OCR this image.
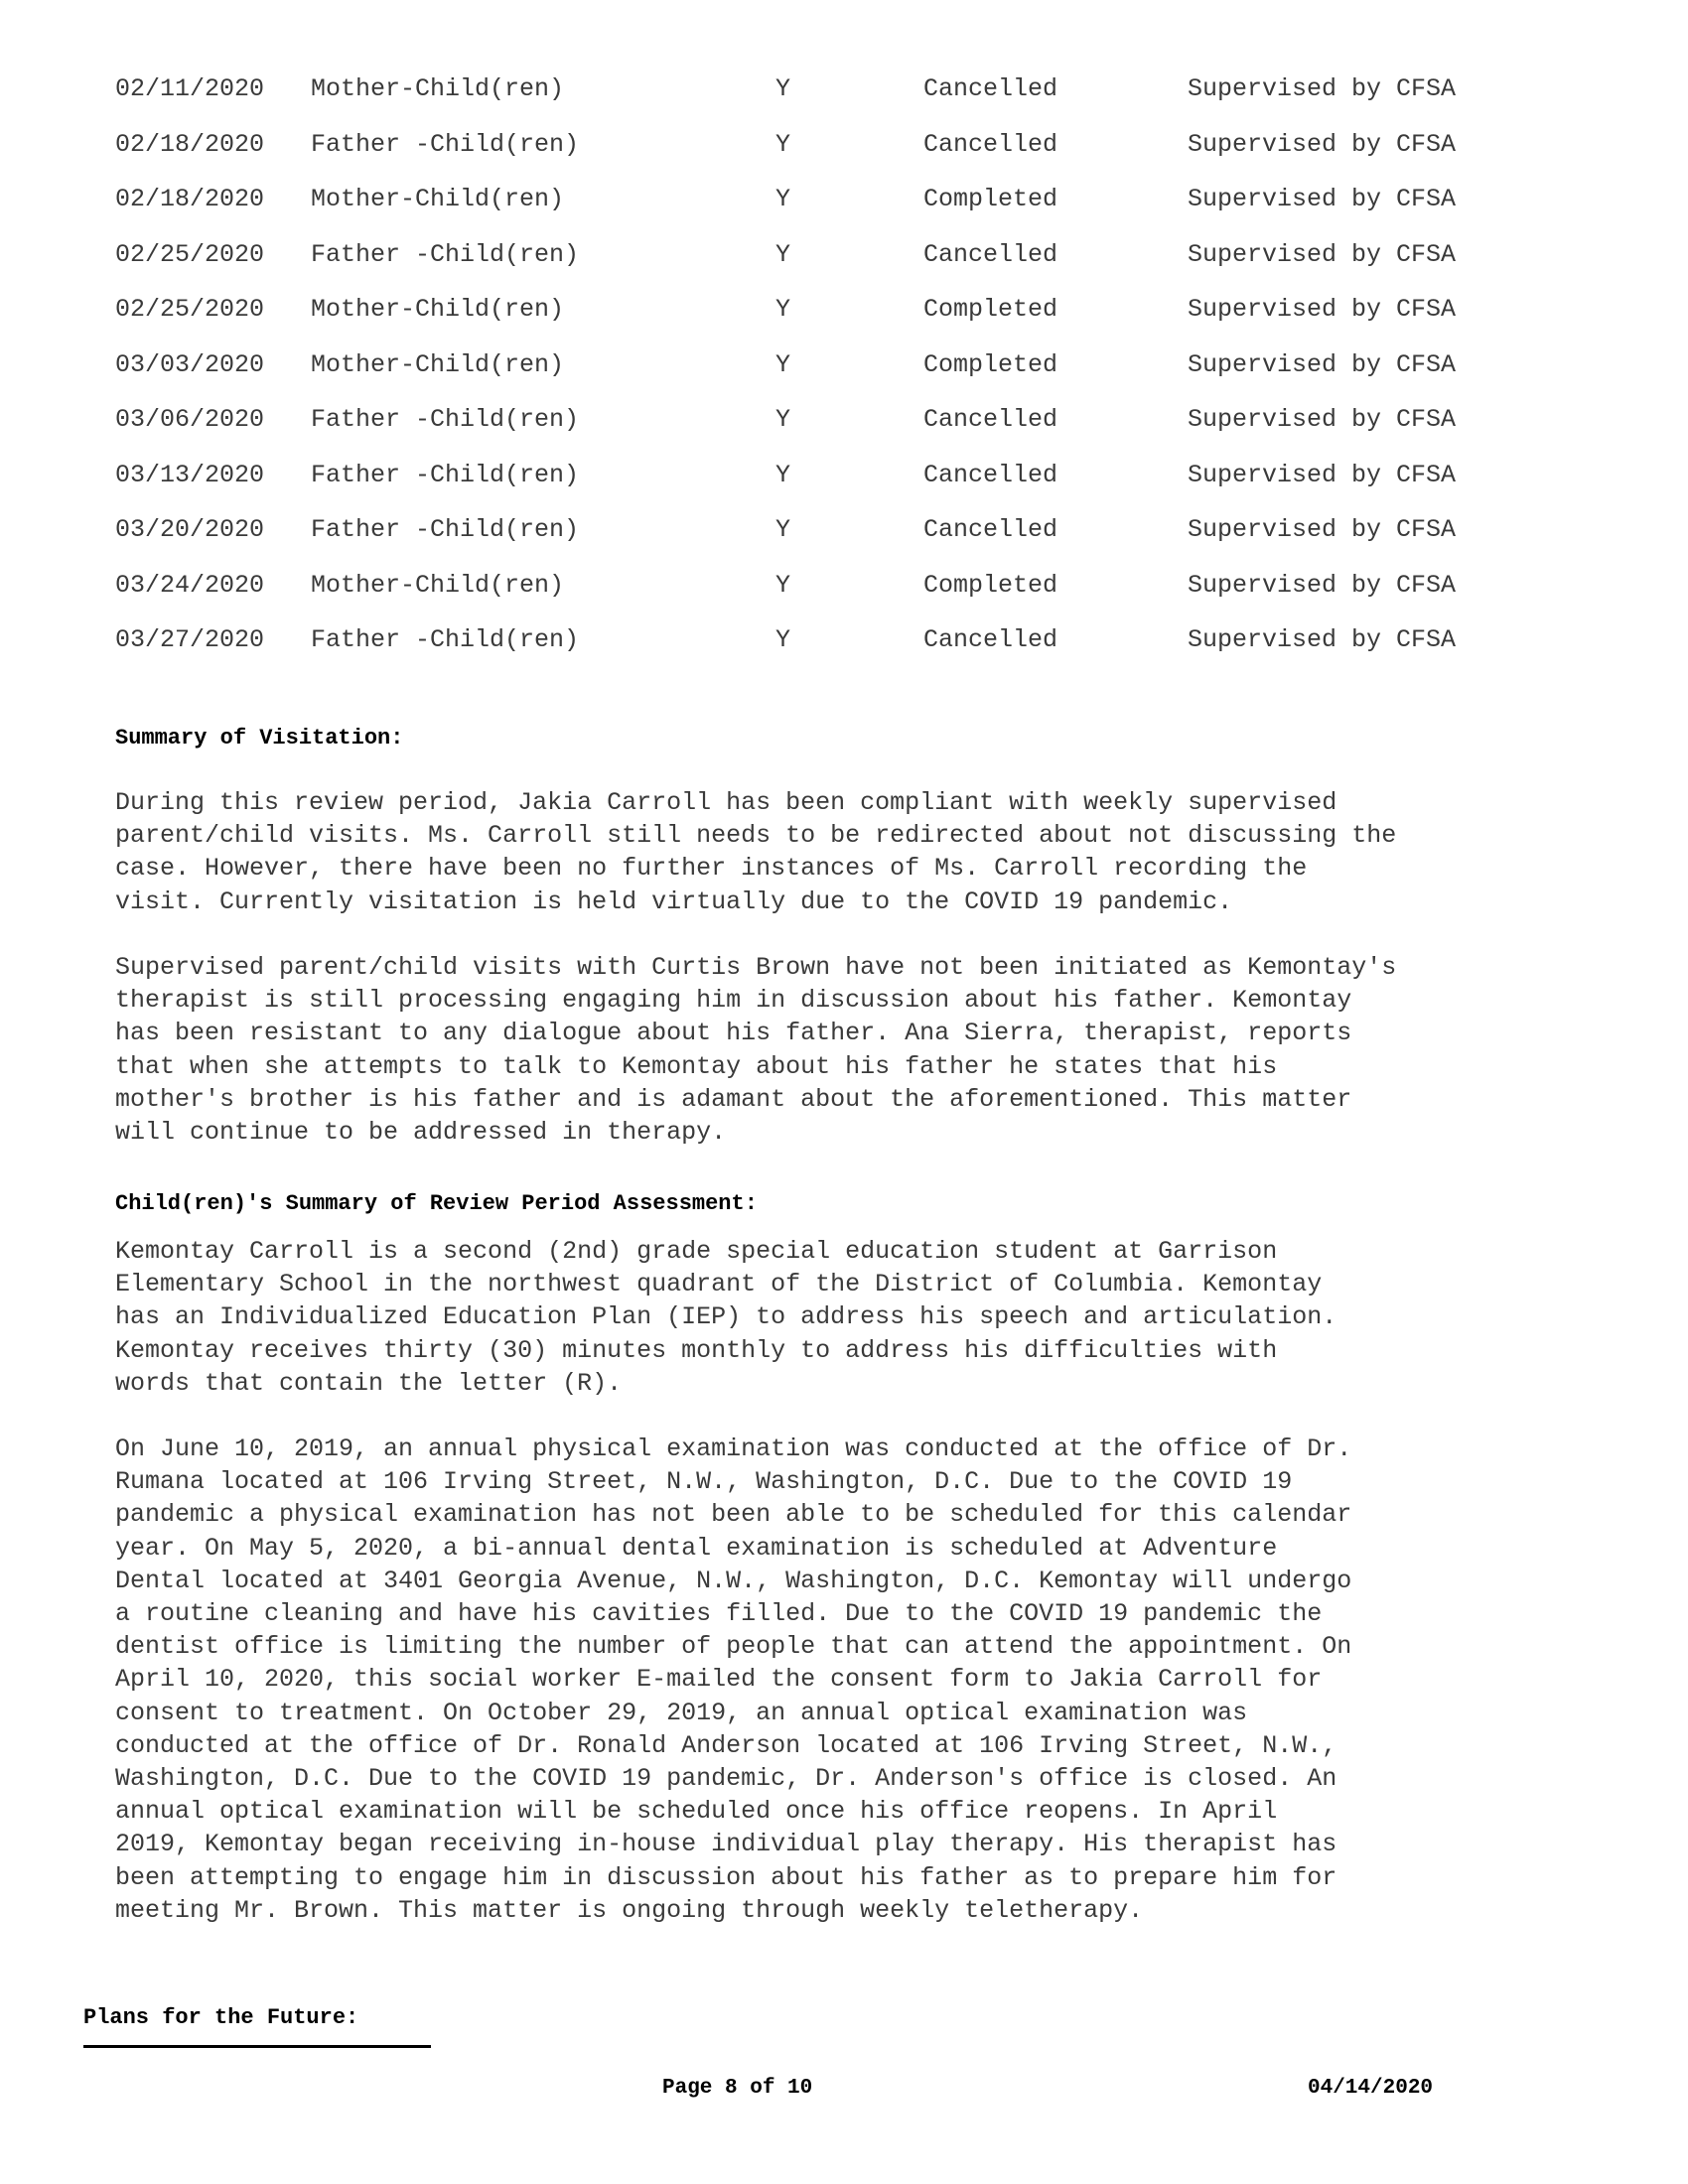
02/11/2020	Mother-Child(ren)	Y	Cancelled	Supervised by CFSA
02/18/2020	Father -Child(ren)	Y	Cancelled	Supervised by CFSA
02/18/2020	Mother-Child(ren)	Y	Completed	Supervised by CFSA
02/25/2020	Father -Child(ren)	Y	Cancelled	Supervised by CFSA
02/25/2020	Mother-Child(ren)	Y	Completed	Supervised by CFSA
03/03/2020	Mother-Child(ren)	Y	Completed	Supervised by CFSA
03/06/2020	Father -Child(ren)	Y	Cancelled	Supervised by CFSA
03/13/2020	Father -Child(ren)	Y	Cancelled	Supervised by CFSA
03/20/2020	Father -Child(ren)	Y	Cancelled	Supervised by CFSA
03/24/2020	Mother-Child(ren)	Y	Completed	Supervised by CFSA
03/27/2020	Father -Child(ren)	Y	Cancelled	Supervised by CFSA
Summary of Visitation:
During this review period, Jakia Carroll has been compliant with weekly supervised
parent/child visits. Ms. Carroll still needs to be redirected about not discussing the
case. However, there have been no further instances of Ms. Carroll recording the
visit. Currently visitation is held virtually due to the COVID 19 pandemic.
Supervised parent/child visits with Curtis Brown have not been initiated as Kemontay's
therapist is still processing engaging him in discussion about his father. Kemontay
has been resistant to any dialogue about his father. Ana Sierra, therapist, reports
that when she attempts to talk to Kemontay about his father he states that his
mother's brother is his father and is adamant about the aforementioned. This matter
will continue to be addressed in therapy.
Child(ren)'s Summary of Review Period Assessment:
Kemontay Carroll is a second (2nd) grade special education student at Garrison
Elementary School in the northwest quadrant of the District of Columbia. Kemontay
has an Individualized Education Plan (IEP) to address his speech and articulation.
Kemontay receives thirty (30) minutes monthly to address his difficulties with
words that contain the letter (R).
On June 10, 2019, an annual physical examination was conducted at the office of Dr.
Rumana located at 106 Irving Street, N.W., Washington, D.C. Due to the COVID 19
pandemic a physical examination has not been able to be scheduled for this calendar
year. On May 5, 2020, a bi-annual dental examination is scheduled at Adventure
Dental located at 3401 Georgia Avenue, N.W., Washington, D.C. Kemontay will undergo
a routine cleaning and have his cavities filled. Due to the COVID 19 pandemic the
dentist office is limiting the number of people that can attend the appointment. On
April 10, 2020, this social worker E-mailed the consent form to Jakia Carroll for
consent to treatment. On October 29, 2019, an annual optical examination was
conducted at the office of Dr. Ronald Anderson located at 106 Irving Street, N.W.,
Washington, D.C. Due to the COVID 19 pandemic, Dr. Anderson's office is closed. An
annual optical examination will be scheduled once his office reopens. In April
2019, Kemontay began receiving in-house individual play therapy. His therapist has
been attempting to engage him in discussion about his father as to prepare him for
meeting Mr. Brown. This matter is ongoing through weekly teletherapy.
Plans for the Future:
Page 8 of 10	04/14/2020
